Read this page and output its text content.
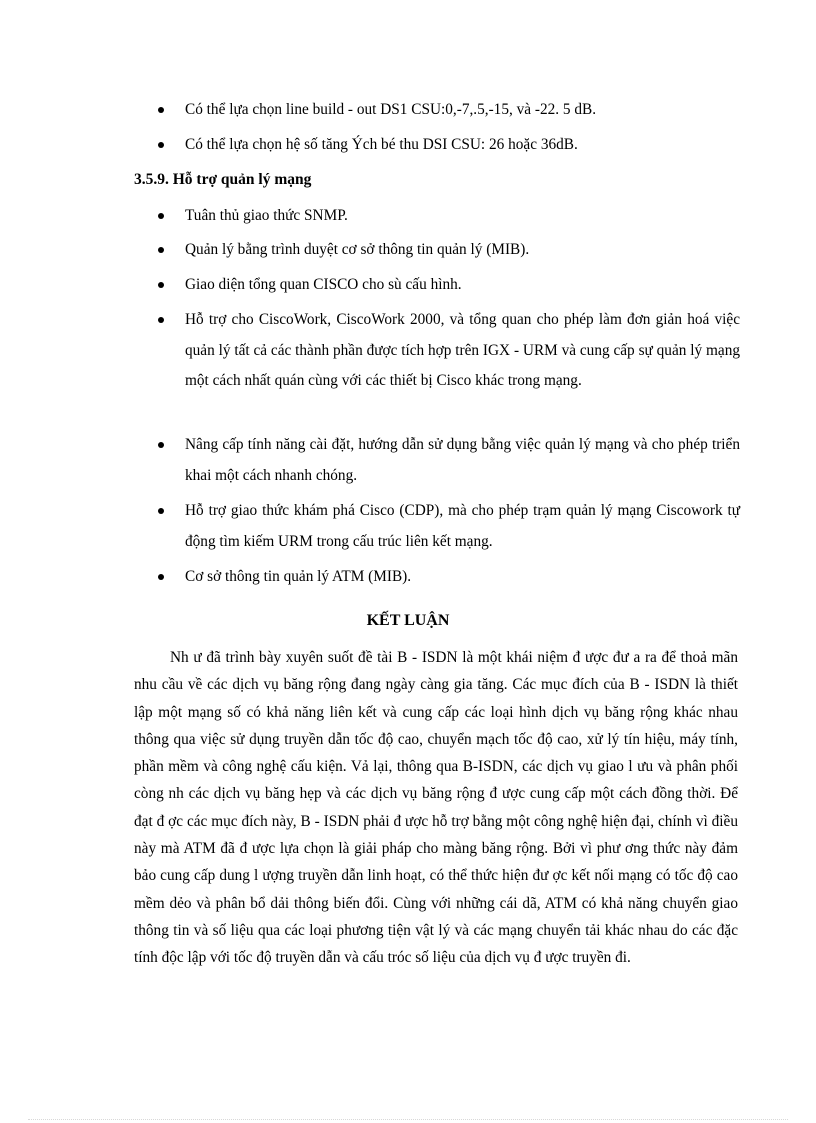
Có thể lựa chọn line build - out DS1 CSU:0,-7,.5,-15, và -22. 5 dB.
Có thể lựa chọn hệ số tăng Ých bé thu DSI CSU: 26 hoặc 36dB.
3.5.9. Hỗ trợ quản lý mạng
Tuân thủ giao thức SNMP.
Quản lý bằng trình duyệt cơ sở thông tin quản lý (MIB).
Giao diện tổng quan CISCO cho sù cấu hình.
Hỗ trợ cho CiscoWork, CiscoWork 2000, và tổng quan cho phép làm đơn giản hoá việc quản lý tất cả các thành phần được tích hợp trên IGX - URM và cung cấp sự quản lý mạng một cách nhất quán cùng với các thiết bị Cisco khác trong mạng.
Nâng cấp tính năng cài đặt, hướng dẫn sử dụng bằng việc quản lý mạng và cho phép triển khai một cách nhanh chóng.
Hỗ trợ giao thức khám phá Cisco (CDP), mà cho phép trạm quản lý mạng Ciscowork tự động tìm kiếm URM trong cấu trúc liên kết mạng.
Cơ sở thông tin quản lý ATM (MIB).
KẾT LUẬN

Nh ư đã trình bày xuyên suốt đề tài B - ISDN là một khái niệm đ ược đư a ra để thoả mãn nhu cầu về các dịch vụ băng rộng đang ngày càng gia tăng. Các mục đích của B - ISDN là thiết lập một mạng số có khả năng liên kết và cung cấp các loại hình dịch vụ băng rộng khác nhau thông qua việc sử dụng truyền dẫn tốc độ cao, chuyển mạch tốc độ cao, xử lý tín hiệu, máy tính, phần mềm và công nghệ cấu kiện. Vả lại, thông qua B-ISDN, các dịch vụ giao l ưu và phân phối còng nh các dịch vụ băng hẹp và các dịch vụ băng rộng đ ược cung cấp một cách đồng thời. Để đạt đ ợc các mục đích này, B - ISDN phải đ ược hỗ trợ bằng một công nghệ hiện đại, chính vì điều này mà ATM đã đ ược lựa chọn là giải pháp cho màng băng rộng. Bởi vì phư ơng thức này đảm bảo cung cấp dung l ượng truyền dẫn linh hoạt, có thể thức hiện đư ợc kết nối mạng có tốc độ cao mềm dẻo và phân bổ dải thông biến đổi. Cùng với những cái dã, ATM có khả năng chuyển giao thông tin và số liệu qua các loại phương tiện vật lý và các mạng chuyển tải khác nhau do các đặc tính độc lập với tốc độ truyền dẫn và cấu tróc số liệu của dịch vụ đ ược truyền đi.
